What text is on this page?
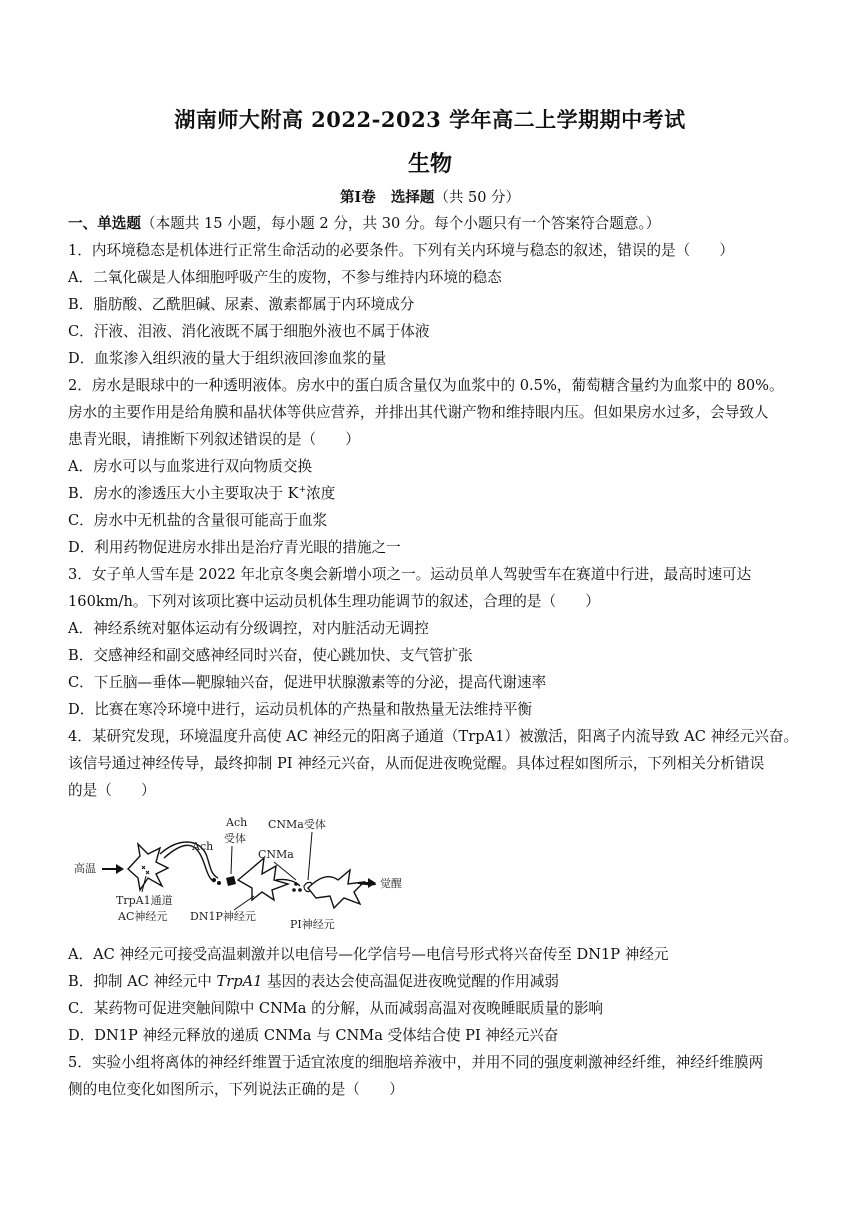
湖南师大附高 2022-2023 学年高二上学期期中考试
生物
第Ⅰ卷 选择题（共 50 分）
一、单选题（本题共 15 小题，每小题 2 分，共 30 分。每个小题只有一个答案符合题意。）
1．内环境稳态是机体进行正常生命活动的必要条件。下列有关内环境与稳态的叙述，错误的是（　　）
A．二氧化碳是人体细胞呼吸产生的废物，不参与维持内环境的稳态
B．脂肪酸、乙酰胆碱、尿素、激素都属于内环境成分
C．汗液、泪液、消化液既不属于细胞外液也不属于体液
D．血浆渗入组织液的量大于组织液回渗血浆的量
2．房水是眼球中的一种透明液体。房水中的蛋白质含量仅为血浆中的 0.5%，葡萄糖含量约为血浆中的 80%。
房水的主要作用是给角膜和晶状体等供应营养，并排出其代谢产物和维持眼内压。但如果房水过多，会导致人
患青光眼，请推断下列叙述错误的是（　　）
A．房水可以与血浆进行双向物质交换
B．房水的渗透压大小主要取决于 K+浓度
C．房水中无机盐的含量很可能高于血浆
D．利用药物促进房水排出是治疗青光眼的措施之一
3．女子单人雪车是 2022 年北京冬奥会新增小项之一。运动员单人驾驶雪车在赛道中行进，最高时速可达
160km/h。下列对该项比赛中运动员机体生理功能调节的叙述，合理的是（　　）
A．神经系统对躯体运动有分级调控，对内脏活动无调控
B．交感神经和副交感神经同时兴奋，使心跳加快、支气管扩张
C．下丘脑—垂体—靶腺轴兴奋，促进甲状腺激素等的分泌，提高代谢速率
D．比赛在寒冷环境中进行，运动员机体的产热量和散热量无法维持平衡
4．某研究发现，环境温度升高使 AC 神经元的阳离子通道（TrpA1）被激活，阳离子内流导致 AC 神经元兴奋。
该信号通过神经传导，最终抑制 PI 神经元兴奋，从而促进夜晚觉醒。具体过程如图所示，下列相关分析错误
的是（　　）
高温
Ach
Ach
受体
CNMa
CNMa受体
觉醒
TrpA1通道
AC神经元 DN1P神经元
PI神经元
A．AC 神经元可接受高温刺激并以电信号—化学信号—电信号形式将兴奋传至 DN1P 神经元
B．抑制 AC 神经元中 TrpA1 基因的表达会使高温促进夜晚觉醒的作用减弱
C．某药物可促进突触间隙中 CNMa 的分解，从而减弱高温对夜晚睡眠质量的影响
D．DN1P 神经元释放的递质 CNMa 与 CNMa 受体结合使 PI 神经元兴奋
5．实验小组将离体的神经纤维置于适宜浓度的细胞培养液中，并用不同的强度刺激神经纤维，神经纤维膜两
侧的电位变化如图所示，下列说法正确的是（　　）
